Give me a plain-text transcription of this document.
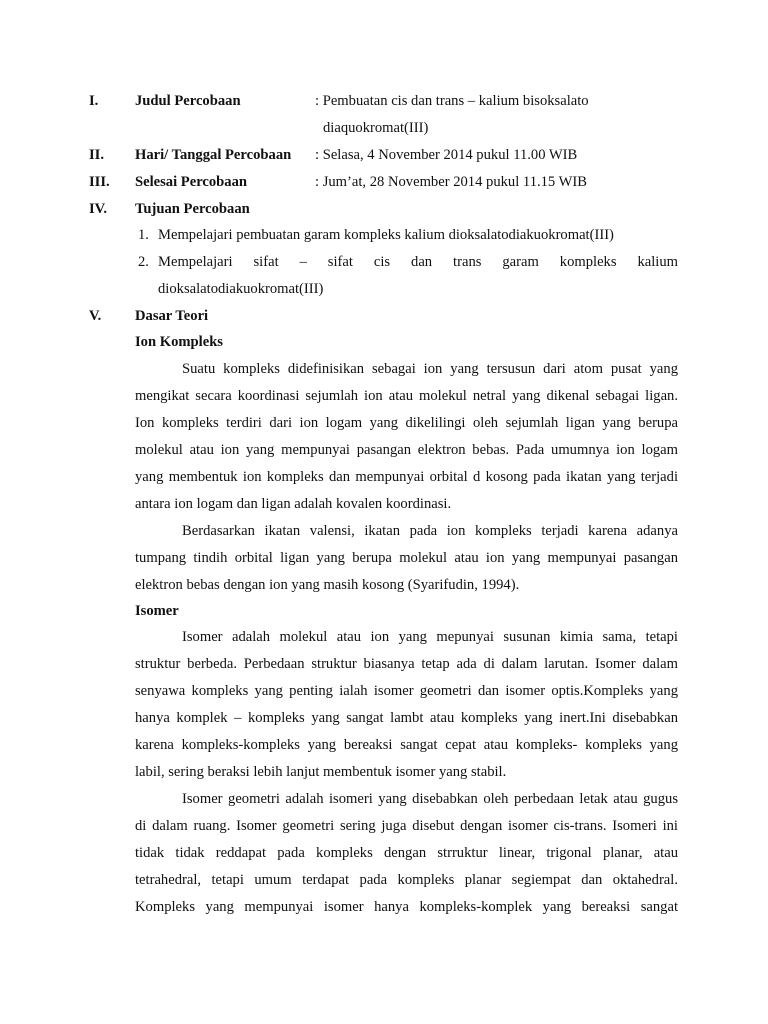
I.	Judul Percobaan	: Pembuatan cis dan trans – kalium bisoksalato
diaquokromat(III)
II. Hari/ Tanggal Percobaan : Selasa, 4 November 2014 pukul 11.00 WIB
III. Selesai Percobaan	: Jum’at, 28 November 2014 pukul 11.15 WIB
IV. Tujuan Percobaan
1. Mempelajari pembuatan garam kompleks kalium dioksalatodiakuokromat(III)
2. Mempelajari sifat – sifat cis dan trans garam kompleks kalium
dioksalatodiakuokromat(III)
V. Dasar Teori
Ion Kompleks
Suatu kompleks didefinisikan sebagai ion yang tersusun dari atom pusat yang
mengikat secara koordinasi sejumlah ion atau molekul netral yang dikenal sebagai ligan.
Ion kompleks terdiri dari ion logam yang dikelilingi oleh sejumlah ligan yang berupa
molekul atau ion yang mempunyai pasangan elektron bebas. Pada umumnya ion logam
yang membentuk ion kompleks dan mempunyai orbital d kosong pada ikatan yang terjadi
antara ion logam dan ligan adalah kovalen koordinasi.
Berdasarkan ikatan valensi, ikatan pada ion kompleks terjadi karena adanya
tumpang tindih orbital ligan yang berupa molekul atau ion yang mempunyai pasangan
elektron bebas dengan ion yang masih kosong (Syarifudin, 1994).
Isomer
Isomer adalah molekul atau ion yang mepunyai susunan kimia sama, tetapi
struktur berbeda. Perbedaan struktur biasanya tetap ada di dalam larutan. Isomer dalam
senyawa kompleks yang penting ialah isomer geometri dan isomer optis.Kompleks yang
hanya komplek – kompleks yang sangat lambt atau kompleks yang inert.Ini disebabkan
karena kompleks-kompleks yang bereaksi sangat cepat atau kompleks- kompleks yang
labil, sering beraksi lebih lanjut membentuk isomer yang stabil.
Isomer geometri adalah isomeri yang disebabkan oleh perbedaan letak atau gugus
di dalam ruang. Isomer geometri sering juga disebut dengan isomer cis-trans. Isomeri ini
tidak tidak reddapat pada kompleks dengan strruktur linear, trigonal planar, atau
tetrahedral, tetapi umum terdapat pada kompleks planar segiempat dan oktahedral.
Kompleks yang mempunyai isomer hanya kompleks-komplek yang bereaksi sangat
